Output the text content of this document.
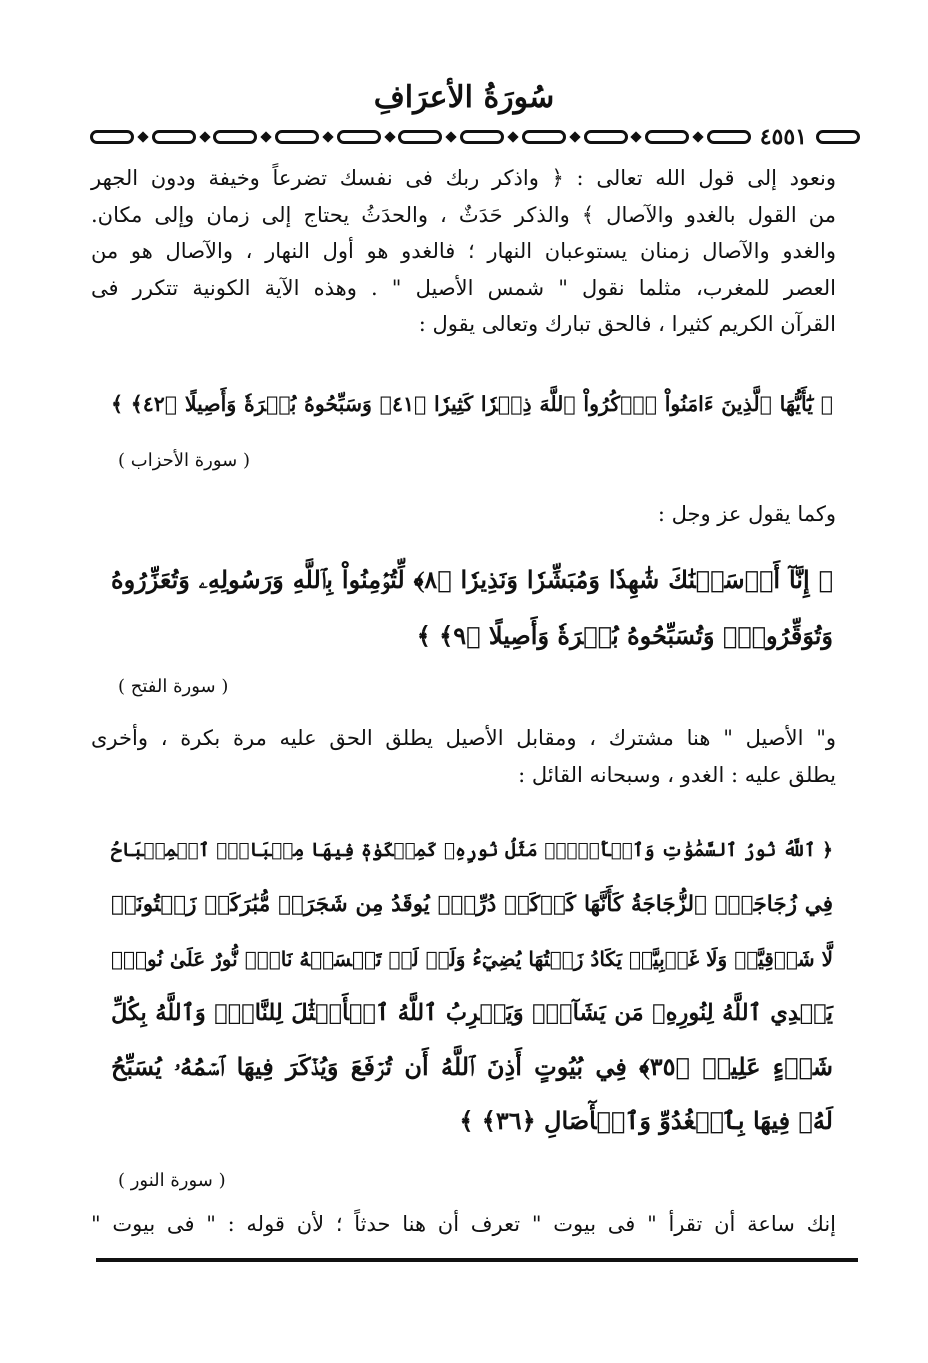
سُورَةُ الأعرَافِ
٤٥٥١
ونعود إلى قول الله تعالى : ﴿ واذكر ربك فى نفسك تضرعاً وخيفة ودون الجهر
من القول بالغدو والآصال ﴾ والذكر حَدَثٌ ، والحدَثُ يحتاج إلى زمان وإلى مكان.
والغدو والآصال زمنان يستوعبان النهار ؛ فالغدو هو أول النهار ، والآصال هو من
العصر للمغرب، مثلما نقول " شمس الأصيل " . وهذه الآية الكونية تتكرر فى
القرآن الكريم كثيرا ، فالحق تبارك وتعالى يقول :
﴿ يَٰٓأَيُّهَا ٱلَّذِينَ ءَامَنُواْ ٱذۡكُرُواْ ٱللَّهَ ذِكۡرٗا كَثِيرٗا ﴿٤١﴾ وَسَبِّحُوهُ بُكۡرَةٗ وَأَصِيلًا ﴿٤٢﴾ ﴾
( سورة الأحزاب )
وكما يقول عز وجل :
﴿ إِنَّآ أَرۡسَلۡنَٰكَ شَٰهِدٗا وَمُبَشِّرٗا وَنَذِيرٗا ﴿٨﴾ لِّتُؤۡمِنُواْ بِٱللَّهِ وَرَسُولِهِۦ وَتُعَزِّرُوهُ
وَتُوَقِّرُوهُۚ وَتُسَبِّحُوهُ بُكۡرَةٗ وَأَصِيلًا ﴿٩﴾ ﴾
( سورة الفتح )
و" الأصيل " هنا مشترك ، ومقابل الأصيل يطلق الحق عليه مرة بكرة ، وأخرى
يطلق عليه : الغدو ، وسبحانه القائل :
﴿ ٱللَّهُ نُورُ ٱلسَّمَٰوَٰتِ وَٱلۡأَرۡضِۚ مَثَلُ نُورِهِۦ كَمِشۡكَوٰةٖ فِيهَا مِصۡبَاحٌۖ ٱلۡمِصۡبَاحُ
فِي زُجَاجَةٍۖ ٱلزُّجَاجَةُ كَأَنَّهَا كَوۡكَبٞ دُرِّيّٞ يُوقَدُ مِن شَجَرَةٖ مُّبَٰرَكَةٖ زَيۡتُونَةٖ
لَّا شَرۡقِيَّةٖ وَلَا غَرۡبِيَّةٖ يَكَادُ زَيۡتُهَا يُضِيٓءُ وَلَوۡ لَمۡ تَمۡسَسۡهُ نَارٞۚ نُّورٌ عَلَىٰ نُورٖۚ
يَهۡدِي ٱللَّهُ لِنُورِهِۦ مَن يَشَآءُۚ وَيَضۡرِبُ ٱللَّهُ ٱلۡأَمۡثَٰلَ لِلنَّاسِۗ وَٱللَّهُ بِكُلِّ
شَيۡءٍ عَلِيمٞ ﴿٣٥﴾ فِي بُيُوتٍ أَذِنَ ٱللَّهُ أَن تُرۡفَعَ وَيُذۡكَرَ فِيهَا ٱسۡمُهُۥ يُسَبِّحُ
لَهُۥ فِيهَا بِٱلۡغُدُوِّ وَٱلۡأٓصَالِ ﴿٣٦﴾ ﴾
( سورة النور )
إنك ساعة أن تقرأ " فى بيوت " تعرف أن هنا حدثاً ؛ لأن قوله : " فى بيوت "
